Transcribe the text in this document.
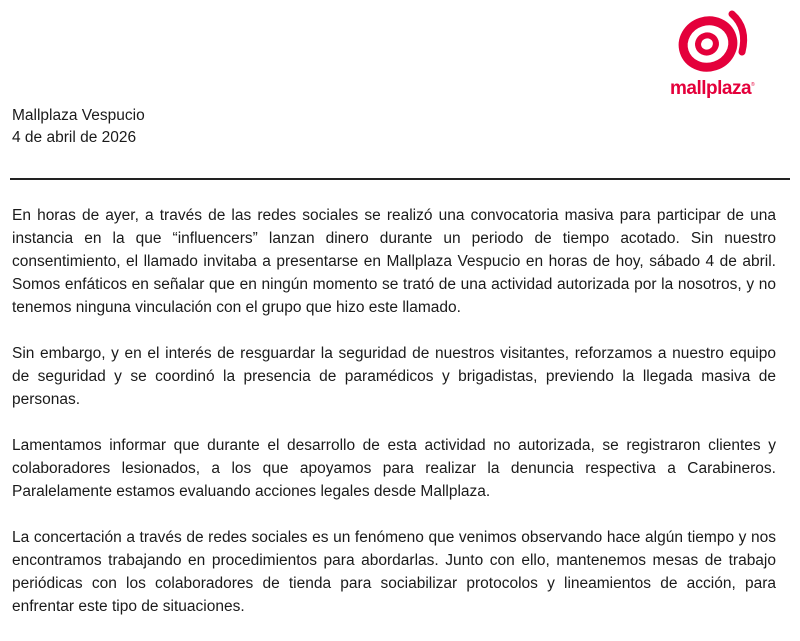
mallplaza®
Mallplaza Vespucio
4 de abril de 2026

En horas de ayer, a través de las redes sociales se realizó una convocatoria masiva para participar de una instancia en la que “influencers” lanzan dinero durante un periodo de tiempo acotado. Sin nuestro consentimiento, el llamado invitaba a presentarse en Mallplaza Vespucio en horas de hoy, sábado 4 de abril. Somos enfáticos en señalar que en ningún momento se trató de una actividad autorizada por la nosotros, y no tenemos ninguna vinculación con el grupo que hizo este llamado.

Sin embargo, y en el interés de resguardar la seguridad de nuestros visitantes, reforzamos a nuestro equipo de seguridad y se coordinó la presencia de paramédicos y brigadistas, previendo la llegada masiva de personas.

Lamentamos informar que durante el desarrollo de esta actividad no autorizada, se registraron clientes y colaboradores lesionados, a los que apoyamos para realizar la denuncia respectiva a Carabineros. Paralelamente estamos evaluando acciones legales desde Mallplaza.

La concertación a través de redes sociales es un fenómeno que venimos observando hace algún tiempo y nos encontramos trabajando en procedimientos para abordarlas. Junto con ello, mantenemos mesas de trabajo periódicas con los colaboradores de tienda para sociabilizar protocolos y lineamientos de acción, para enfrentar este tipo de situaciones.
